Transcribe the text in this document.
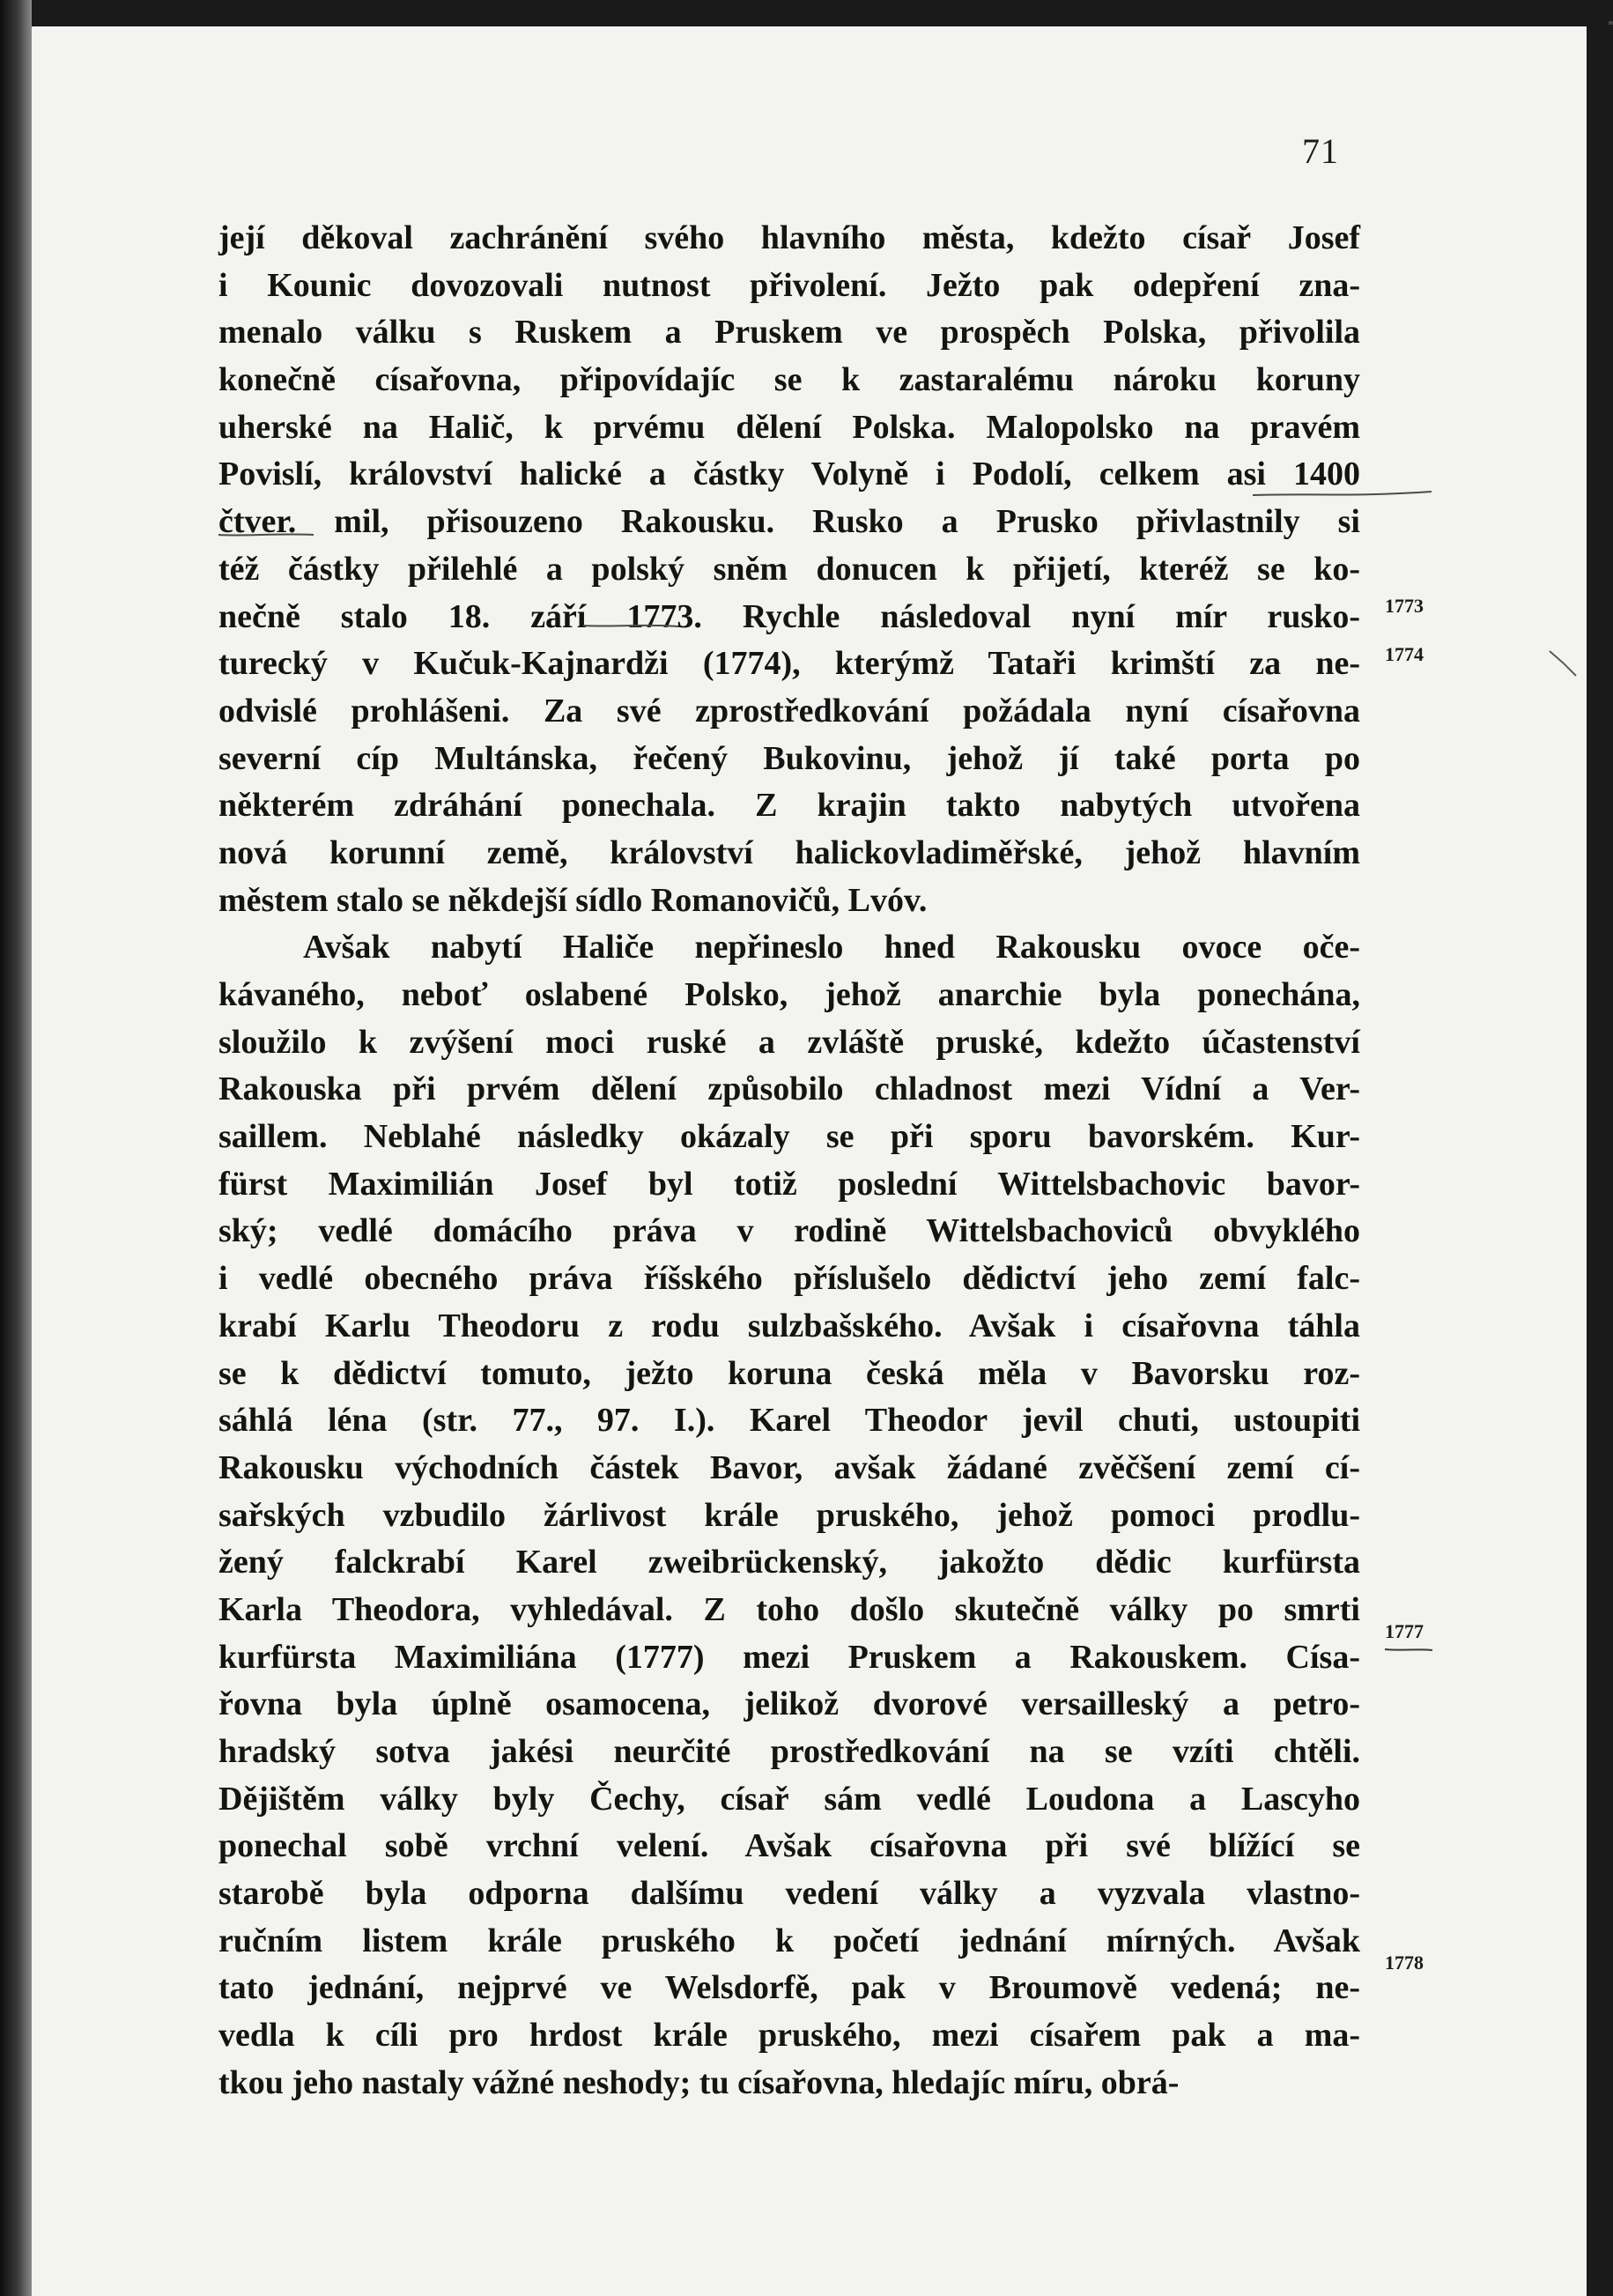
71
její děkoval zachránění svého hlavního města, kdežto císař Josef
i Kounic dovozovali nutnost přivolení. Ježto pak odepření zna-
menalo válku s Ruskem a Pruskem ve prospěch Polska, přivolila
konečně císařovna, připovídajíc se k zastaralému nároku koruny
uherské na Halič, k prvému dělení Polska. Malopolsko na pravém
Povislí, království halické a částky Volyně i Podolí, celkem asi 1400
čtver. mil, přisouzeno Rakousku. Rusko a Prusko přivlastnily si
též částky přilehlé a polský sněm donucen k přijetí, kteréž se ko-
nečně stalo 18. září 1773. Rychle následoval nyní mír rusko-
turecký v Kučuk-Kajnardži (1774), kterýmž Tataři krimští za ne-
odvislé prohlášeni. Za své zprostředkování požádala nyní císařovna
severní cíp Multánska, řečený Bukovinu, jehož jí také porta po
některém zdráhání ponechala. Z krajin takto nabytých utvořena
nová korunní země, království halickovladiměřské, jehož hlavním
městem stalo se někdejší sídlo Romanovičů, Lvóv.
Avšak nabytí Haliče nepřineslo hned Rakousku ovoce oče-
kávaného, neboť oslabené Polsko, jehož anarchie byla ponechána,
sloužilo k zvýšení moci ruské a zvláště pruské, kdežto účastenství
Rakouska při prvém dělení způsobilo chladnost mezi Vídní a Ver-
saillem. Neblahé následky okázaly se při sporu bavorském. Kur-
fürst Maximilián Josef byl totiž poslední Wittelsbachovic bavor-
ský; vedlé domácího práva v rodině Wittelsbachoviců obvyklého
i vedlé obecného práva říšského příslušelo dědictví jeho zemí falc-
krabí Karlu Theodoru z rodu sulzbašského. Avšak i císařovna táhla
se k dědictví tomuto, ježto koruna česká měla v Bavorsku roz-
sáhlá léna (str. 77., 97. I.). Karel Theodor jevil chuti, ustoupiti
Rakousku východních částek Bavor, avšak žádané zvěčšení zemí cí-
sařských vzbudilo žárlivost krále pruského, jehož pomoci prodlu-
žený falckrabí Karel zweibrückenský, jakožto dědic kurfürsta
Karla Theodora, vyhledával. Z toho došlo skutečně války po smrti
kurfürsta Maximiliána (1777) mezi Pruskem a Rakouskem. Císa-
řovna byla úplně osamocena, jelikož dvorové versailleský a petro-
hradský sotva jakési neurčité prostředkování na se vzíti chtěli.
Dějištěm války byly Čechy, císař sám vedlé Loudona a Lascyho
ponechal sobě vrchní velení. Avšak císařovna při své blížící se
starobě byla odporna dalšímu vedení války a vyzvala vlastno-
ručním listem krále pruského k početí jednání mírných. Avšak
tato jednání, nejprvé ve Welsdorfě, pak v Broumově vedená; ne-
vedla k cíli pro hrdost krále pruského, mezi císařem pak a ma-
tkou jeho nastaly vážné neshody; tu císařovna, hledajíc míru, obrá-
1773
1774
1777
1778
